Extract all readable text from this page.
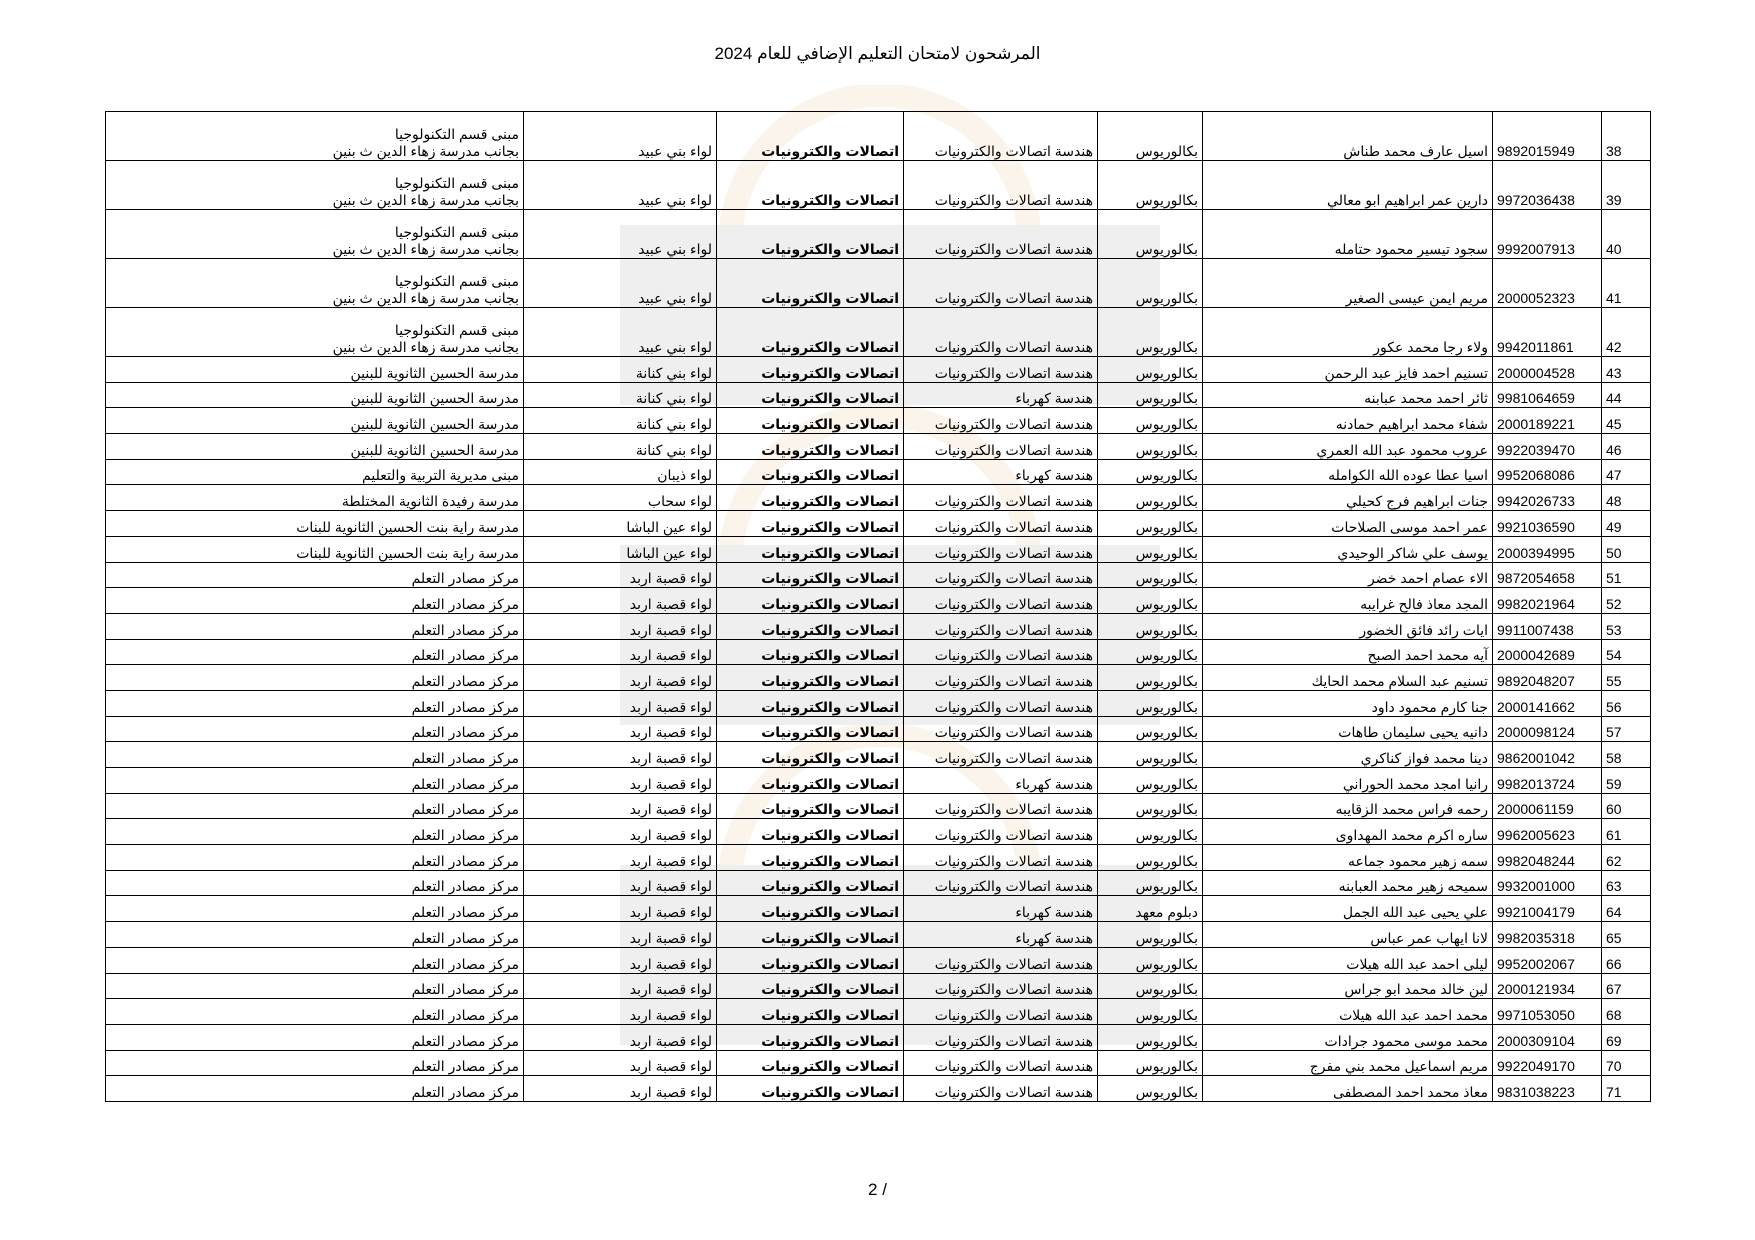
المرشحون لامتحان التعليم الإضافي للعام 2024
38	9892015949	اسيل عارف محمد طناش	بكالوريوس	هندسة اتصالات والكترونيات	اتصالات والكترونيات	لواء بني عبيد	مبنى قسم التكنولوجيا
بجانب مدرسة زهاء الدين ث بنين

39	9972036438	دارين عمر ابراهيم ابو معالي	بكالوريوس	هندسة اتصالات والكترونيات	اتصالات والكترونيات	لواء بني عبيد	مبنى قسم التكنولوجيا
بجانب مدرسة زهاء الدين ث بنين

40	9992007913	سجود تيسير محمود حتامله	بكالوريوس	هندسة اتصالات والكترونيات	اتصالات والكترونيات	لواء بني عبيد	مبنى قسم التكنولوجيا
بجانب مدرسة زهاء الدين ث بنين

41	2000052323	مريم ايمن عيسى الصغير	بكالوريوس	هندسة اتصالات والكترونيات	اتصالات والكترونيات	لواء بني عبيد	مبنى قسم التكنولوجيا
بجانب مدرسة زهاء الدين ث بنين

42	9942011861	ولاء رجا محمد عكور	بكالوريوس	هندسة اتصالات والكترونيات	اتصالات والكترونيات	لواء بني عبيد	مبنى قسم التكنولوجيا
بجانب مدرسة زهاء الدين ث بنين

43	2000004528	تسنيم احمد فايز عبد الرحمن	بكالوريوس	هندسة اتصالات والكترونيات	اتصالات والكترونيات	لواء بني كنانة	مدرسة الحسين الثانوية للبنين

44	9981064659	ثائر احمد محمد عبابنه	بكالوريوس	هندسة كهرباء	اتصالات والكترونيات	لواء بني كنانة	مدرسة الحسين الثانوية للبنين

45	2000189221	شفاء محمد ابراهيم حمادنه	بكالوريوس	هندسة اتصالات والكترونيات	اتصالات والكترونيات	لواء بني كنانة	مدرسة الحسين الثانوية للبنين

46	9922039470	عروب محمود عبد الله العمري	بكالوريوس	هندسة اتصالات والكترونيات	اتصالات والكترونيات	لواء بني كنانة	مدرسة الحسين الثانوية للبنين

47	9952068086	اسيا عطا عوده الله الكوامله	بكالوريوس	هندسة كهرباء	اتصالات والكترونيات	لواء ذيبان	مبنى مديرية التربية والتعليم

48	9942026733	جنات ابراهيم فرج كحيلي	بكالوريوس	هندسة اتصالات والكترونيات	اتصالات والكترونيات	لواء سحاب	مدرسة رفيدة الثانوية المختلطة

49	9921036590	عمر احمد موسى الصلاحات	بكالوريوس	هندسة اتصالات والكترونيات	اتصالات والكترونيات	لواء عين الباشا	مدرسة راية بنت الحسين الثانوية للبنات

50	2000394995	يوسف علي شاكر الوحيدي	بكالوريوس	هندسة اتصالات والكترونيات	اتصالات والكترونيات	لواء عين الباشا	مدرسة راية بنت الحسين الثانوية للبنات

51	9872054658	الاء عصام احمد خضر	بكالوريوس	هندسة اتصالات والكترونيات	اتصالات والكترونيات	لواء قصبة اربد	مركز مصادر التعلم

52	9982021964	المجد معاذ فالح غرايبه	بكالوريوس	هندسة اتصالات والكترونيات	اتصالات والكترونيات	لواء قصبة اربد	مركز مصادر التعلم

53	9911007438	ايات رائد فائق الخضور	بكالوريوس	هندسة اتصالات والكترونيات	اتصالات والكترونيات	لواء قصبة اربد	مركز مصادر التعلم

54	2000042689	آيه محمد احمد الصبح	بكالوريوس	هندسة اتصالات والكترونيات	اتصالات والكترونيات	لواء قصبة اربد	مركز مصادر التعلم

55	9892048207	تسنيم عبد السلام محمد الحايك	بكالوريوس	هندسة اتصالات والكترونيات	اتصالات والكترونيات	لواء قصبة اربد	مركز مصادر التعلم

56	2000141662	جنا كارم محمود داود	بكالوريوس	هندسة اتصالات والكترونيات	اتصالات والكترونيات	لواء قصبة اربد	مركز مصادر التعلم

57	2000098124	دانيه يحيى سليمان طاهات	بكالوريوس	هندسة اتصالات والكترونيات	اتصالات والكترونيات	لواء قصبة اربد	مركز مصادر التعلم

58	9862001042	دينا محمد فواز كناكري	بكالوريوس	هندسة اتصالات والكترونيات	اتصالات والكترونيات	لواء قصبة اربد	مركز مصادر التعلم

59	9982013724	رانيا امجد محمد الحوراني	بكالوريوس	هندسة كهرباء	اتصالات والكترونيات	لواء قصبة اربد	مركز مصادر التعلم

60	2000061159	رحمه فراس محمد الزقايبه	بكالوريوس	هندسة اتصالات والكترونيات	اتصالات والكترونيات	لواء قصبة اربد	مركز مصادر التعلم

61	9962005623	ساره اكرم محمد المهداوى	بكالوريوس	هندسة اتصالات والكترونيات	اتصالات والكترونيات	لواء قصبة اربد	مركز مصادر التعلم

62	9982048244	سمه زهير محمود جماعه	بكالوريوس	هندسة اتصالات والكترونيات	اتصالات والكترونيات	لواء قصبة اربد	مركز مصادر التعلم

63	9932001000	سميحه زهير محمد العبابنه	بكالوريوس	هندسة اتصالات والكترونيات	اتصالات والكترونيات	لواء قصبة اربد	مركز مصادر التعلم

64	9921004179	علي يحيى عبد الله الجمل	دبلوم معهد	هندسة كهرباء	اتصالات والكترونيات	لواء قصبة اربد	مركز مصادر التعلم

65	9982035318	لانا ايهاب عمر عباس	بكالوريوس	هندسة كهرباء	اتصالات والكترونيات	لواء قصبة اربد	مركز مصادر التعلم

66	9952002067	ليلى احمد عبد الله هيلات	بكالوريوس	هندسة اتصالات والكترونيات	اتصالات والكترونيات	لواء قصبة اربد	مركز مصادر التعلم

67	2000121934	لين خالد محمد ابو جراس	بكالوريوس	هندسة اتصالات والكترونيات	اتصالات والكترونيات	لواء قصبة اربد	مركز مصادر التعلم

68	9971053050	محمد احمد عبد الله هيلات	بكالوريوس	هندسة اتصالات والكترونيات	اتصالات والكترونيات	لواء قصبة اربد	مركز مصادر التعلم

69	2000309104	محمد موسى محمود جرادات	بكالوريوس	هندسة اتصالات والكترونيات	اتصالات والكترونيات	لواء قصبة اربد	مركز مصادر التعلم

70	9922049170	مريم اسماعيل محمد بني مفرج	بكالوريوس	هندسة اتصالات والكترونيات	اتصالات والكترونيات	لواء قصبة اربد	مركز مصادر التعلم

71	9831038223	معاذ محمد احمد المصطفى	بكالوريوس	هندسة اتصالات والكترونيات	اتصالات والكترونيات	لواء قصبة اربد	مركز مصادر التعلم
2 /
